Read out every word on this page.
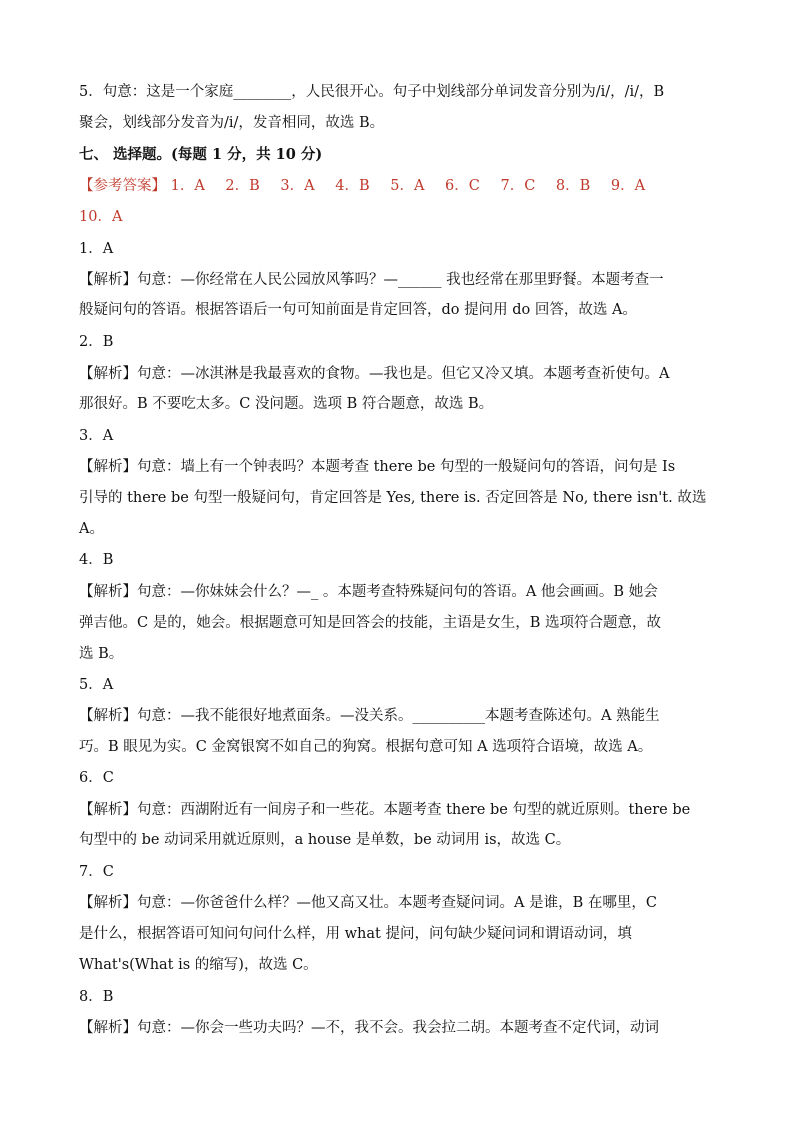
5．句意：这是一个家庭________，人民很开心。句子中划线部分单词发音分别为/i/，/i/，B
聚会，划线部分发音为/i/，发音相同，故选 B。
七、 选择题。(每题 1 分，共 10 分)
【参考答案】 1．A 2．B 3．A 4．B 5．A 6．C 7．C 8．B 9．A
10．A
1．A
【解析】句意：—你经常在人民公园放风筝吗？—______ 我也经常在那里野餐。本题考查一
般疑问句的答语。根据答语后一句可知前面是肯定回答，do 提问用 do 回答，故选 A。
2．B
【解析】句意：—冰淇淋是我最喜欢的食物。—我也是。但它又冷又填。本题考查祈使句。A
那很好。B 不要吃太多。C 没问题。选项 B 符合题意，故选 B。
3．A
【解析】句意：墙上有一个钟表吗？本题考查 there be 句型的一般疑问句的答语，问句是 Is
引导的 there be 句型一般疑问句，肯定回答是 Yes, there is. 否定回答是 No, there isn't. 故选
A。
4．B
【解析】句意：—你妹妹会什么？—_ 。本题考查特殊疑问句的答语。A 他会画画。B 她会
弹吉他。C 是的，她会。根据题意可知是回答会的技能，主语是女生，B 选项符合题意，故
选 B。
5．A
【解析】句意：—我不能很好地煮面条。—没关系。__________本题考查陈述句。A 熟能生
巧。B 眼见为实。C 金窝银窝不如自己的狗窝。根据句意可知 A 选项符合语境，故选 A。
6．C
【解析】句意：西湖附近有一间房子和一些花。本题考查 there be 句型的就近原则。there be
句型中的 be 动词采用就近原则，a house 是单数，be 动词用 is，故选 C。
7．C
【解析】句意：—你爸爸什么样？—他又高又壮。本题考查疑问词。A 是谁，B 在哪里，C
是什么，根据答语可知问句问什么样，用 what 提问，问句缺少疑问词和谓语动词，填
What's(What is 的缩写)，故选 C。
8．B
【解析】句意：—你会一些功夫吗？—不，我不会。我会拉二胡。本题考查不定代词，动词
